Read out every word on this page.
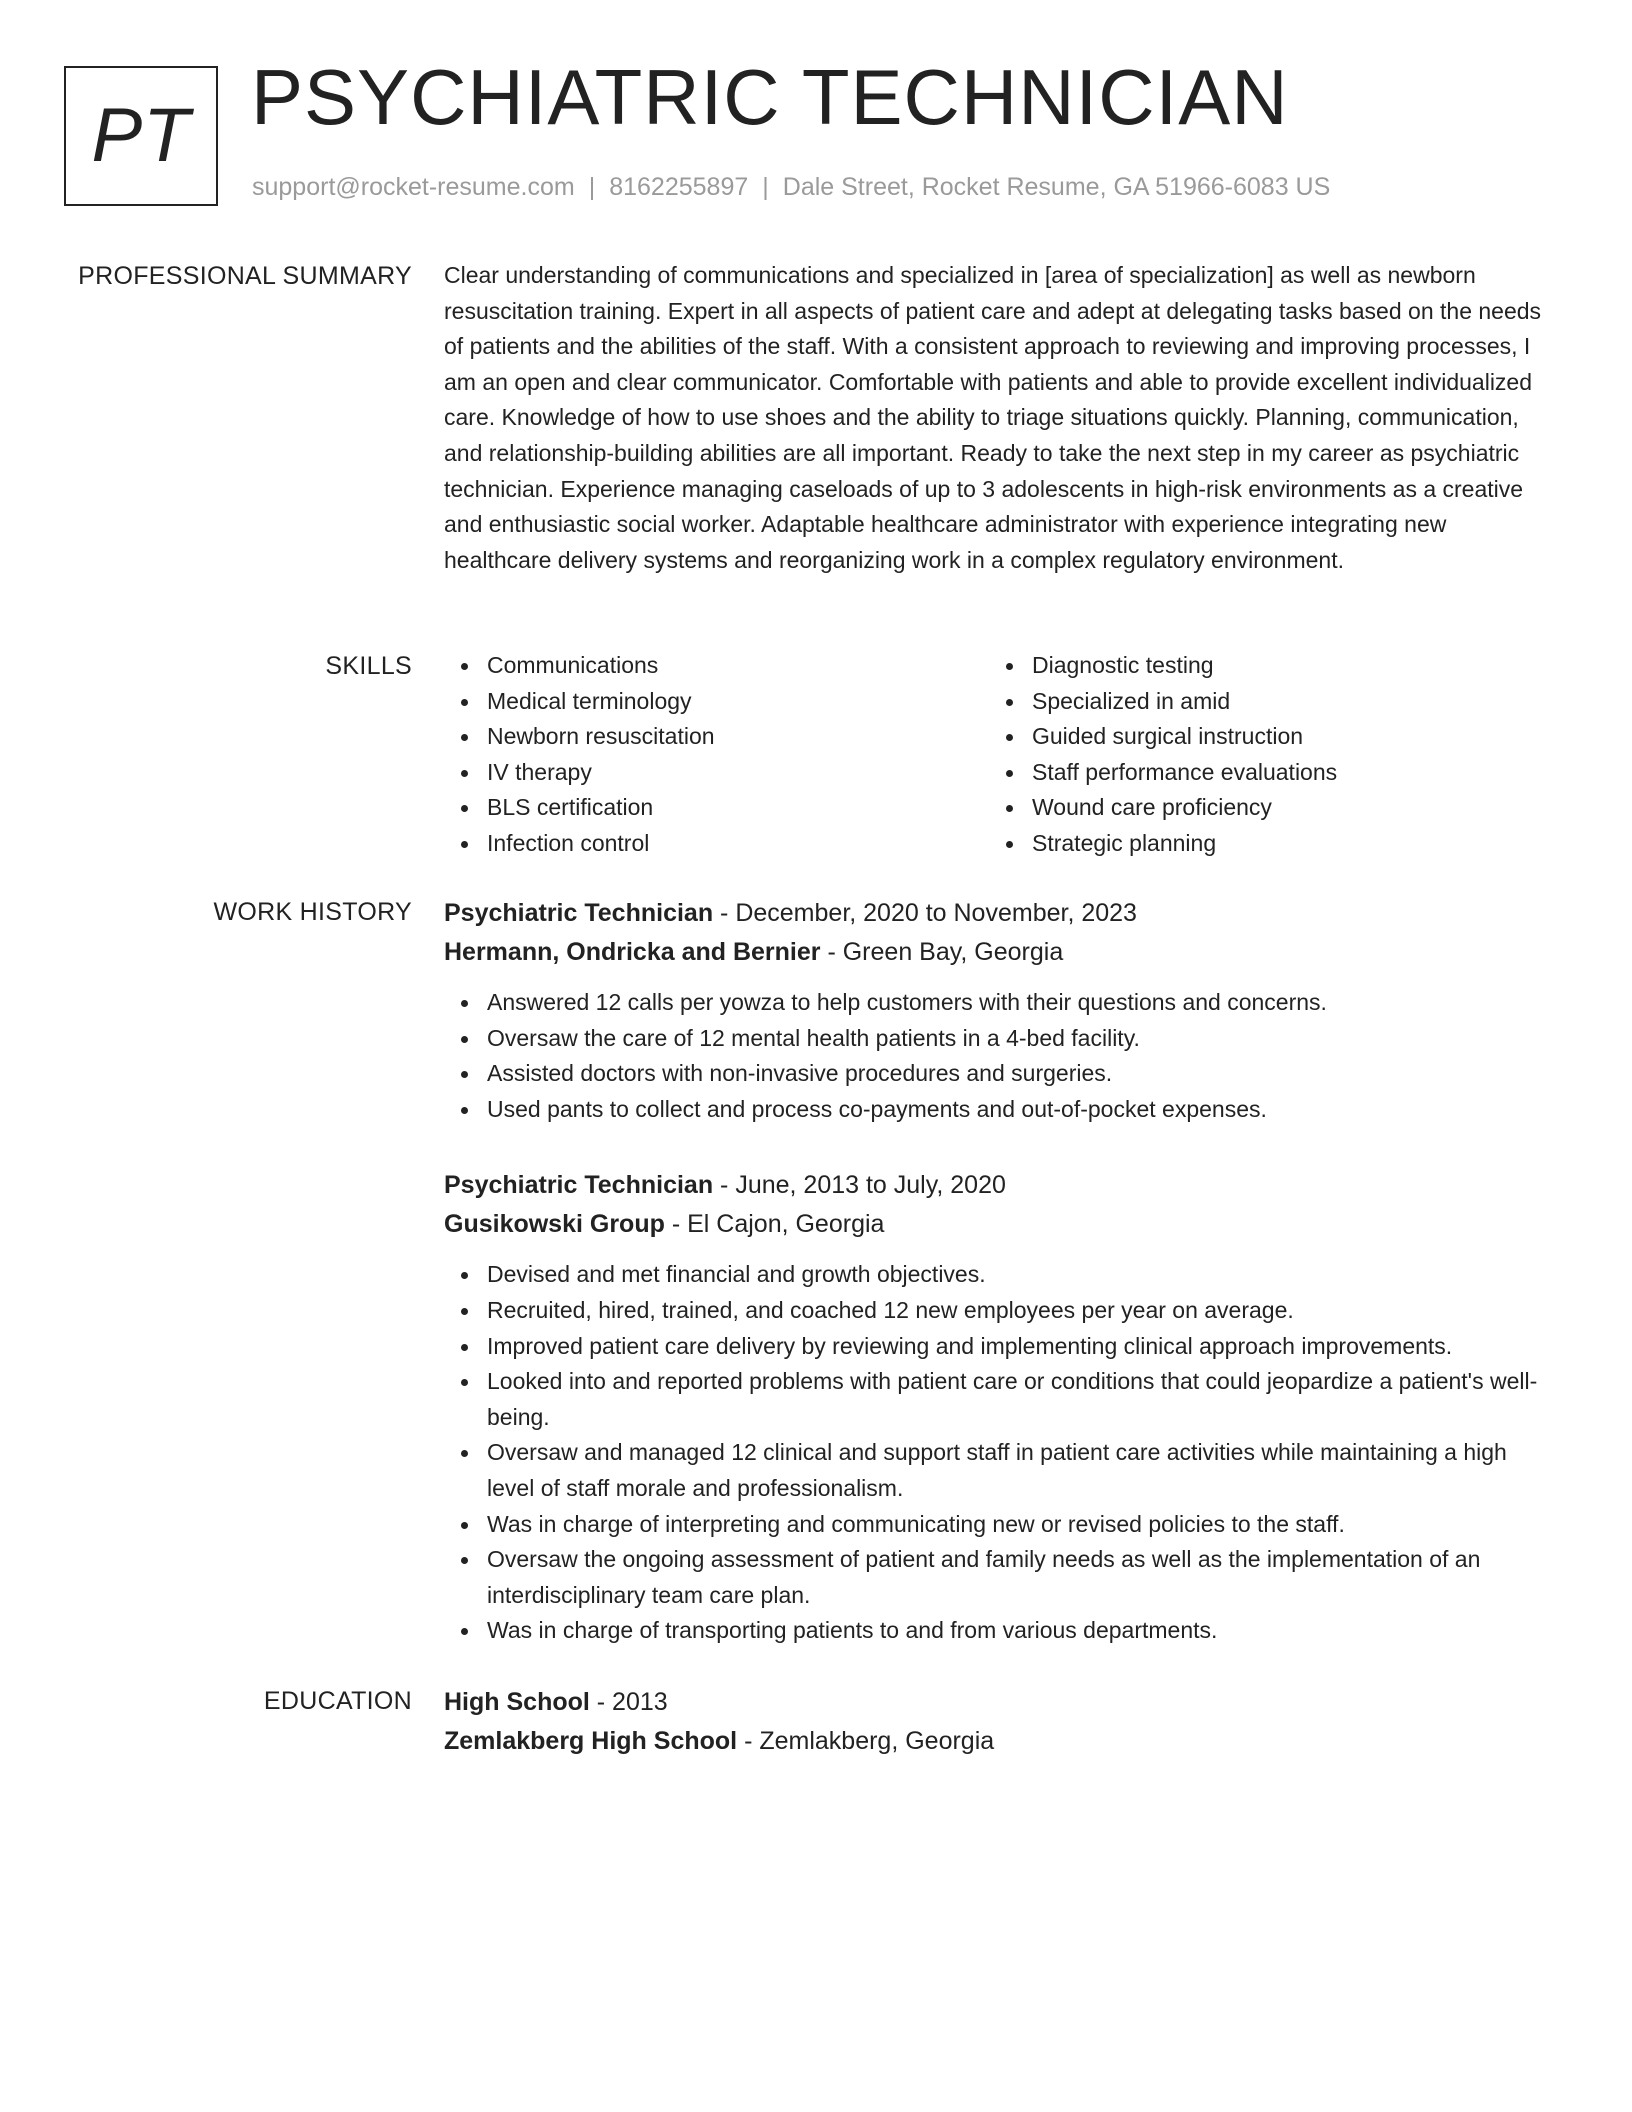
PT PSYCHIATRIC TECHNICIAN
support@rocket-resume.com | 8162255897 | Dale Street, Rocket Resume, GA 51966-6083 US
PROFESSIONAL SUMMARY Clear understanding of communications and specialized in [area of specialization] as well as newborn resuscitation training. Expert in all aspects of patient care and adept at delegating tasks based on the needs of patients and the abilities of the staff. With a consistent approach to reviewing and improving processes, I am an open and clear communicator. Comfortable with patients and able to provide excellent individualized care. Knowledge of how to use shoes and the ability to triage situations quickly. Planning, communication, and relationship-building abilities are all important. Ready to take the next step in my career as psychiatric technician. Experience managing caseloads of up to 3 adolescents in high-risk environments as a creative and enthusiastic social worker. Adaptable healthcare administrator with experience integrating new healthcare delivery systems and reorganizing work in a complex regulatory environment.

SKILLS	Communications
Medical terminology
Newborn resuscitation
IV therapy
BLS certification
Infection control
Diagnostic testing
Specialized in amid
Guided surgical instruction
Staff performance evaluations
Wound care proficiency
Strategic planning
WORK HISTORY Psychiatric Technician - December, 2020 to November, 2023
Hermann, Ondricka and Bernier - Green Bay, Georgia
Answered 12 calls per yowza to help customers with their questions and concerns.
Oversaw the care of 12 mental health patients in a 4-bed facility.
Assisted doctors with non-invasive procedures and surgeries.
Used pants to collect and process co-payments and out-of-pocket expenses.
Psychiatric Technician - June, 2013 to July, 2020
Gusikowski Group - El Cajon, Georgia
Devised and met financial and growth objectives.
Recruited, hired, trained, and coached 12 new employees per year on average.
Improved patient care delivery by reviewing and implementing clinical approach improvements.
Looked into and reported problems with patient care or conditions that could jeopardize a patient's well-being.
Oversaw and managed 12 clinical and support staff in patient care activities while maintaining a high level of staff morale and professionalism.
Was in charge of interpreting and communicating new or revised policies to the staff.
Oversaw the ongoing assessment of patient and family needs as well as the implementation of an interdisciplinary team care plan.
Was in charge of transporting patients to and from various departments.
EDUCATION High School - 2013
Zemlakberg High School - Zemlakberg, Georgia
